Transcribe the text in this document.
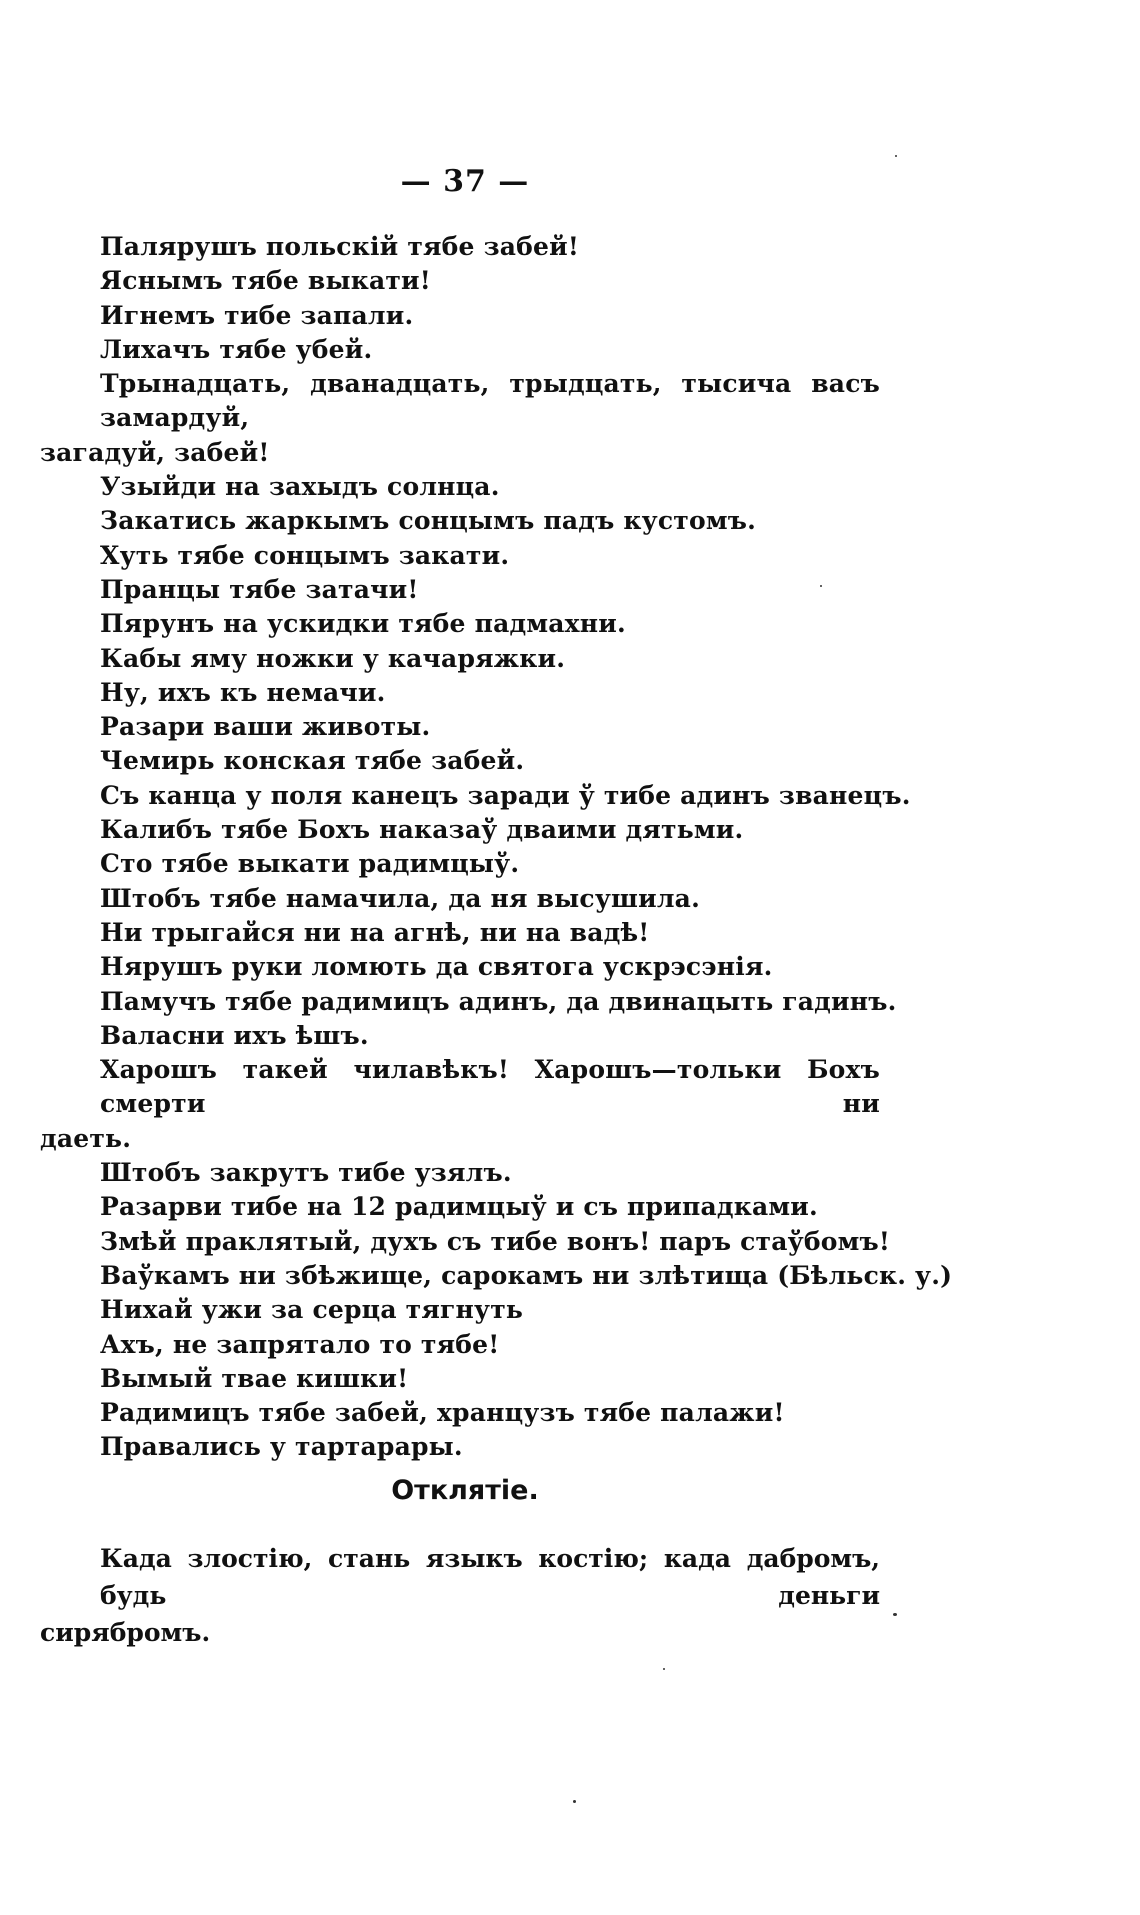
— 37 —
Палярушъ польскій тябе забей!
Яснымъ тябе выкати!
Игнемъ тибе запали.
Лихачъ тябе убей.
Трынадцать, дванадцать, трыдцать, тысича васъ замардуй,
загадуй, забей!
Узыйди на захыдъ солнца.
Закатись жаркымъ сонцымъ падъ кустомъ.
Хуть тябе сонцымъ закати.
Пранцы тябе затачи!
Пярунъ на ускидки тябе падмахни.
Кабы яму ножки у качаряжки.
Ну, ихъ къ немачи.
Разари ваши животы.
Чемирь конская тябе забей.
Съ канца у поля канецъ заради ў тибе адинъ званецъ.
Калибъ тябе Бохъ наказаў дваими дятьми.
Сто тябе выкати радимцыў.
Штобъ тябе намачила, да ня высушила.
Ни трыгайся ни на агнѣ, ни на вадѣ!
Нярушъ руки ломють да святога ускрэсэнія.
Памучъ тябе радимицъ адинъ, да двинацыть гадинъ.
Валасни ихъ ѣшъ.
Харошъ такей чилавѣкъ! Харошъ—тольки Бохъ смерти ни
даеть.
Штобъ закрутъ тибе узялъ.
Разарви тибе на 12 радимцыў и съ припадками.
Змѣй праклятый, духъ съ тибе вонъ! паръ стаўбомъ!
Ваўкамъ ни збѣжище, сарокамъ ни злѣтища (Бѣльск. у.)
Нихай ужи за серца тягнуть
Ахъ, не запрятало то тябе!
Вымый твае кишки!
Радимицъ тябе забей, хранцузъ тябе палажи!
Правались у тартарары.
Отклятіе.
Када злостію, стань языкъ костію; када дабромъ, будь деньги
сирябромъ.
